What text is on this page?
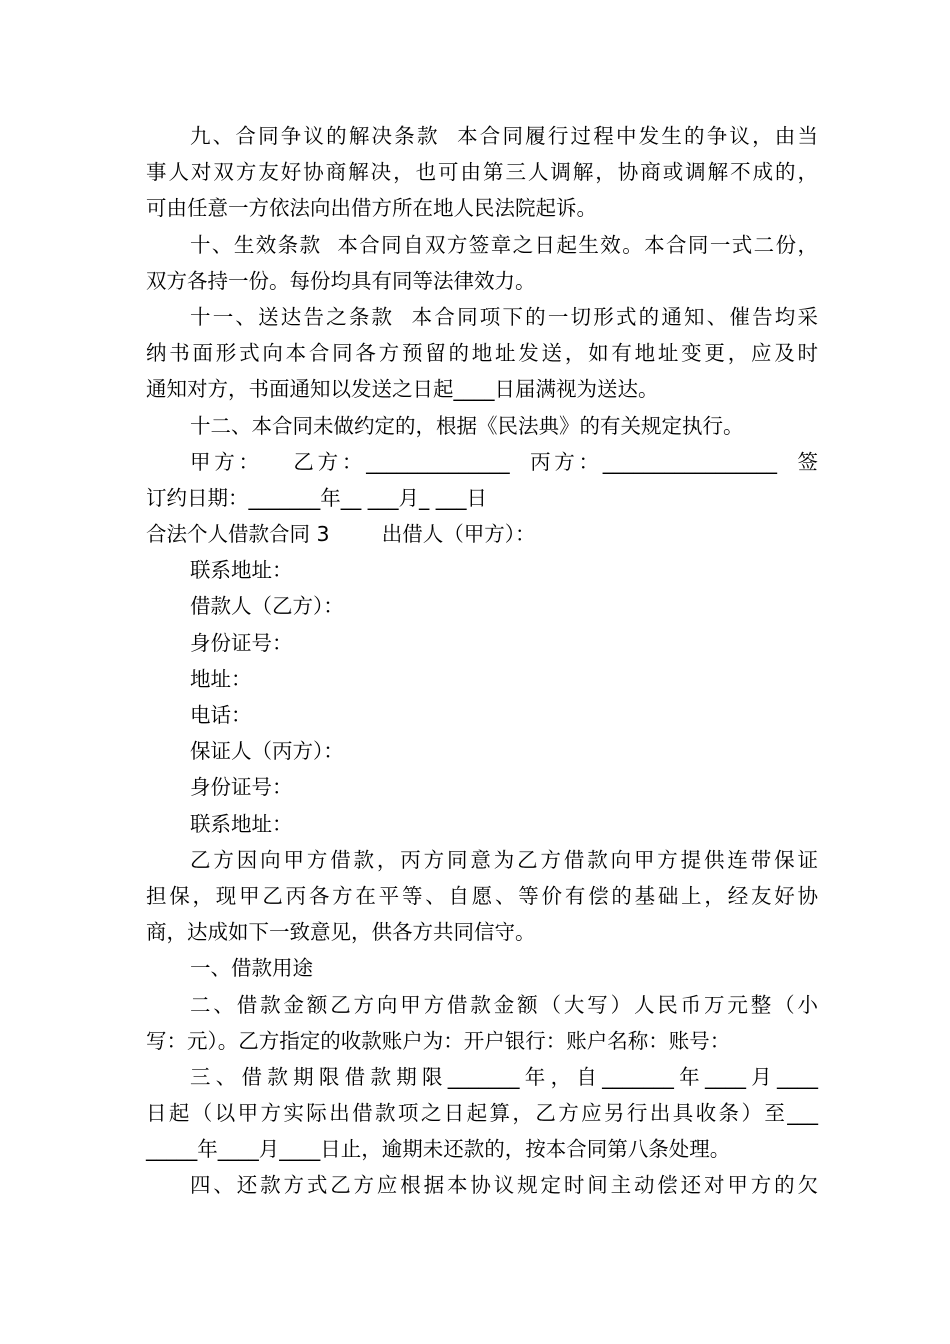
九、合同争议的解决条款  本合同履行过程中发生的争议，由当
事人对双方友好协商解决，也可由第三人调解，协商或调解不成的，
可由任意一方依法向出借方所在地人民法院起诉。
十、生效条款  本合同自双方签章之日起生效。本合同一式二份，
双方各持一份。每份均具有同等法律效力。
十一、送达告之条款  本合同项下的一切形式的通知、催告均采
纳书面形式向本合同各方预留的地址发送，如有地址变更，应及时
通知对方，书面通知以发送之日起____日届满视为送达。
十二、本合同未做约定的，根据《民法典》的有关规定执行。
甲方：   乙方：______________  丙方：_________________  签
订约日期：_______年__ ___月_ ___日
合法个人借款合同 3        出借人（甲方）：
联系地址：
借款人（乙方）：
身份证号：
地址：
电话：
保证人（丙方）：
身份证号：
联系地址：
乙方因向甲方借款，丙方同意为乙方借款向甲方提供连带保证
担保，现甲乙丙各方在平等、自愿、等价有偿的基础上，经友好协
商，达成如下一致意见，供各方共同信守。
一、借款用途
二、借款金额乙方向甲方借款金额（大写）人民币万元整（小
写：元）。乙方指定的收款账户为：开户银行：账户名称：账号：
三、借款期限借款期限_______年，自_______年____月____
日起（以甲方实际出借款项之日起算，乙方应另行出具收条）至___
_____年____月____日止，逾期未还款的，按本合同第八条处理。
四、还款方式乙方应根据本协议规定时间主动偿还对甲方的欠
